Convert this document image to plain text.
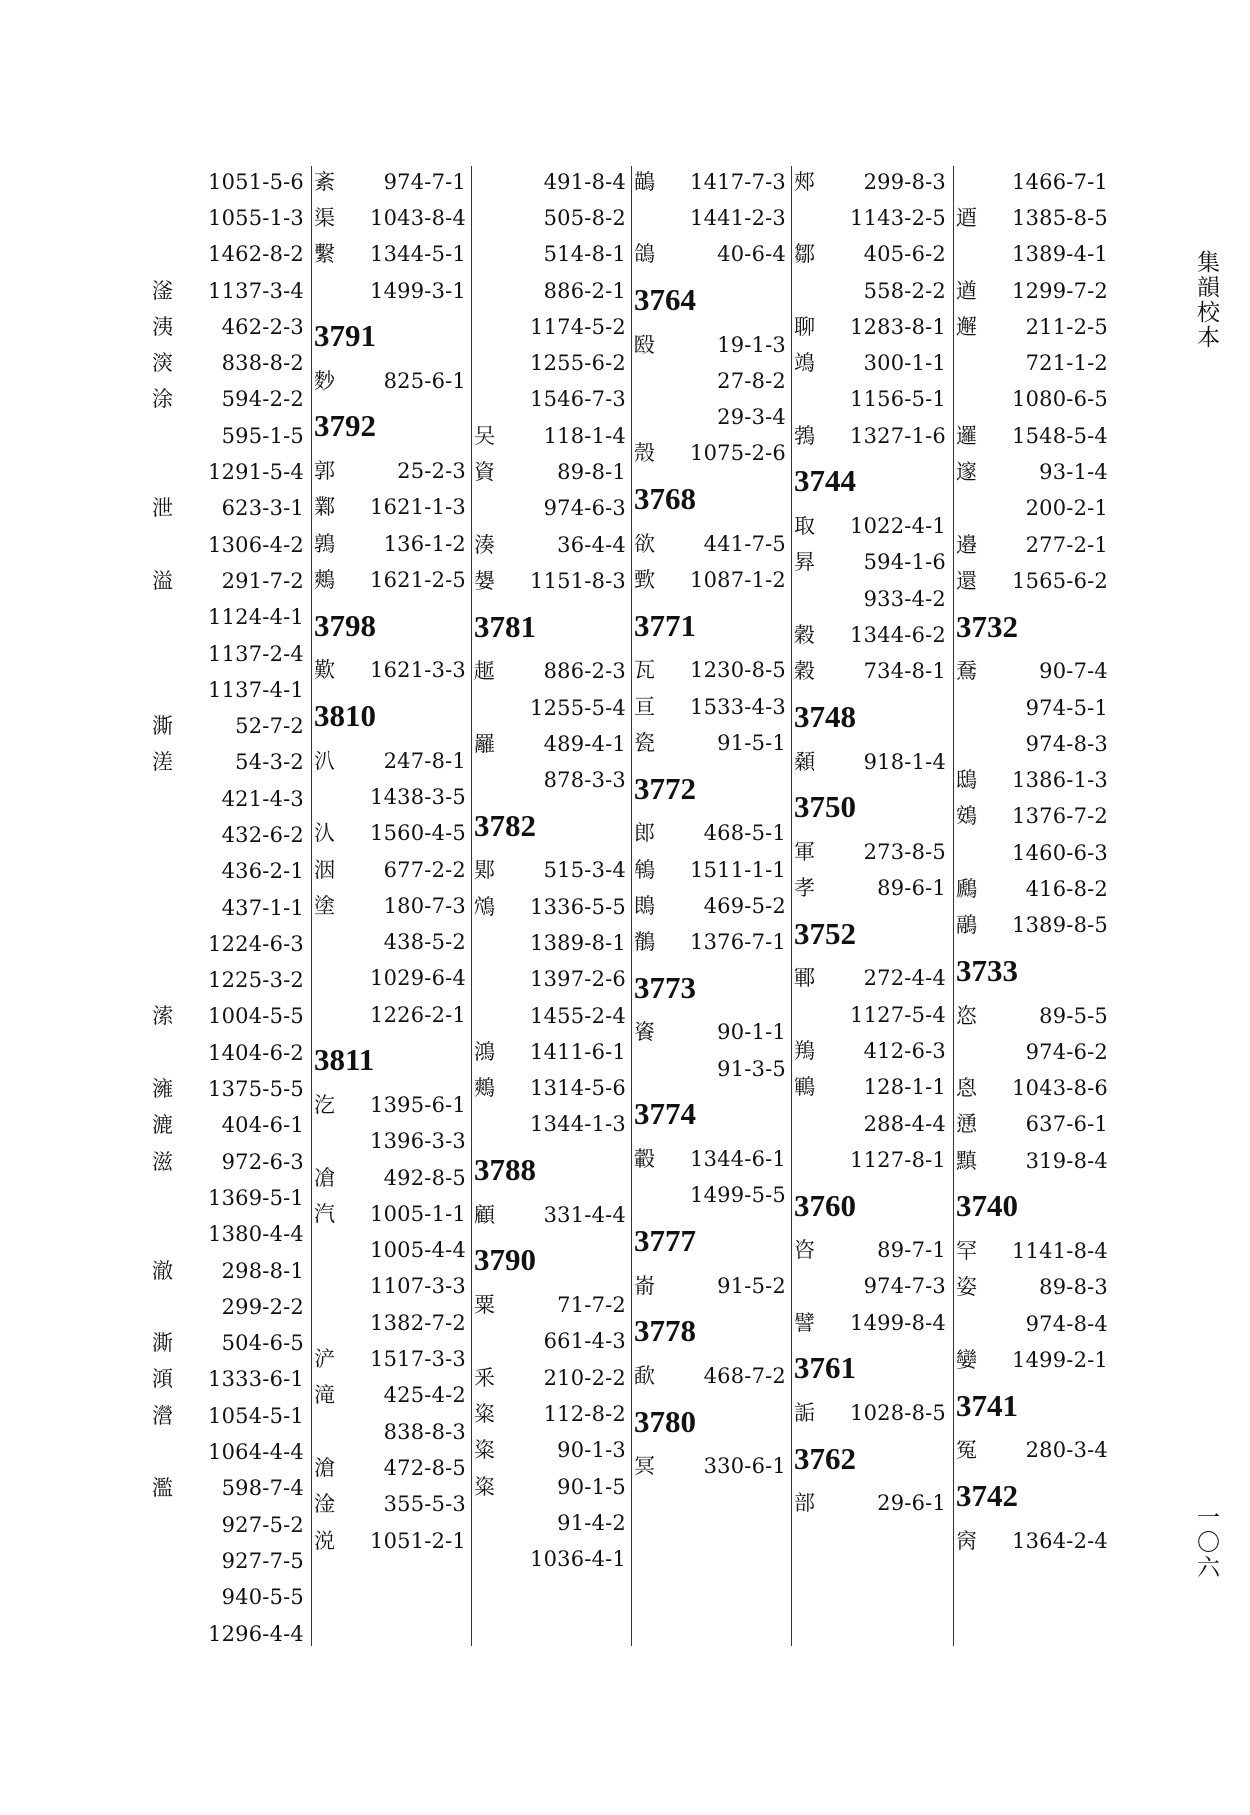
1051-5-6
1055-1-3
1462-8-2
滏	1137-3-4
洟	462-2-3
㴱	838-8-2
涂	594-2-2
595-1-5
1291-5-4
泄	623-3-1
1306-4-2
溢	291-7-2
1124-4-1
1137-2-4
1137-4-1
澌	52-7-2
溠	54-3-2
421-4-3
432-6-2
436-2-1
437-1-1
1224-6-3
1225-3-2
溹	1004-5-5
1404-6-2
澭	1375-5-5
漉	404-6-1
滋	972-6-3
1369-5-1
1380-4-4
澈	298-8-1
299-2-2
澌	504-6-5
澒	1333-6-1
瀯	1054-5-1
1064-4-4
濫	598-7-4
927-5-2
927-7-5
940-5-5
1296-4-4
紊	974-7-1
渠	1043-8-4
繫	1344-5-1
1499-3-1
3791
麨	825-6-1
3792
郭	25-2-3
鄴	1621-1-3
鶉	136-1-2
鷞	1621-2-5
3798
歎	1621-3-3
3810
汃	247-8-1
1438-3-5
汄	1560-4-5
洇	677-2-2
塗	180-7-3
438-5-2
1029-6-4
1226-2-1
3811
汔	1395-6-1
1396-3-3
凔	492-8-5
汽	1005-1-1
1005-4-4
1107-3-3
1382-7-2
浐	1517-3-3
滝	425-4-2
838-8-3
滄	472-8-5
淦	355-5-3
涚	1051-2-1
491-8-4
505-8-2
514-8-1
886-2-1
1174-5-2
1255-6-2
1546-7-3
㕦	118-1-4
資	89-8-1
974-6-3
湊	36-4-4
嫢	1151-8-3
3781
䞪	886-2-3
1255-5-4
䍦	489-4-1
878-3-3
3782
郹	515-3-4
鴪	1336-5-5
1389-8-1
1397-2-6
1455-2-4
鴻	1411-6-1
鷞	1314-5-6
1344-1-3
3788
顧	331-4-4
3790
粟	71-7-2
661-4-3
釆	210-2-2
粢	112-8-2
粢	90-1-3
粢	90-1-5
91-4-2
1036-4-1
鶓	1417-7-3
1441-2-3
鴿	40-6-4
3764
殹	19-1-3
27-8-2
29-3-4
殼	1075-2-6
3768
欲	441-7-5
歅	1087-1-2
3771
瓦	1230-8-5
亘	1533-4-3
瓷	91-5-1
3772
郎	468-5-1
鴾	1511-1-1
鵖	469-5-2
鶺	1376-7-1
3773
餈	90-1-1
91-3-5
3774
轂	1344-6-1
1499-5-5
3777
嵛	91-5-2
3778
歃	468-7-2
3780
冥	330-6-1
郟	299-8-3
1143-2-5
鄒	405-6-2
558-2-2
聊	1283-8-1
鴗	300-1-1
1156-5-1
鵓	1327-1-6
3744
取	1022-4-1
昪	594-1-6
933-4-2
穀	1344-6-2
穀	734-8-1
3748
顙	918-1-4
3750
軍	273-8-5
孝	89-6-1
3752
鄆	272-4-4
1127-5-4
鴹	412-6-3
鶤	128-1-1
288-4-4
1127-8-1
3760
咨	89-7-1
974-7-3
譬	1499-8-4
3761
詬	1028-8-5
3762
部	29-6-1
1466-7-1
逎	1385-8-5
1389-4-1
遒	1299-7-2
邂	211-2-5
721-1-2
1080-6-5
邏	1548-5-4
邃	93-1-4
200-2-1
邉	277-2-1
還	1565-6-2
3732
鴌	90-7-4
974-5-1
974-8-3
鴟	1386-1-3
鴳	1376-7-2
1460-6-3
鷉	416-8-2
鷊	1389-8-5
3733
恣	89-5-5
974-6-2
恖	1043-8-6
慂	637-6-1
黰	319-8-4
3740
罕	1141-8-4
姿	89-8-3
974-8-4
孌	1499-2-1
3741
冤	280-3-4
3742
窉	1364-2-4
集韻校本
一〇六
